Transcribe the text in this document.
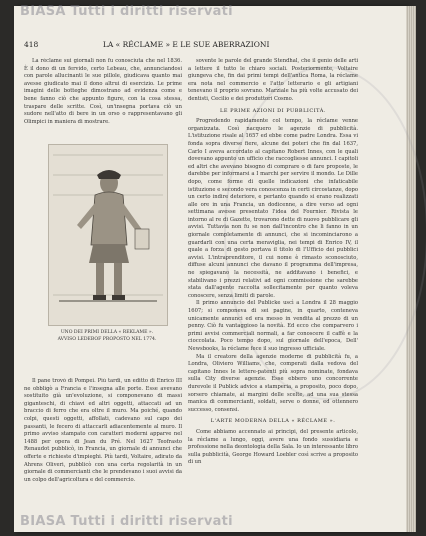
BIASA Tutti i diritti riservati
418	LA « RÉCLAME » E LE SUE ABERRAZIONI

La réclame sui giornali non fu conosciuta che nel 1836. È il dono di un fervido, certo Lebeau, che, annunciandosi con parole allucinanti le sue pillole, giudicava quanto mai avesse giudicato mai il dono altrui di esercizio. Le prime imagini delle botteghe dimostrano ad evidenza come e bene fanno ciò che appunto figure, con la cosa stessa, traspare delle scritte. Così, un'insegna portava ciò un sudore nell'atto di bere in un orso o rappresentavano gli Olimpici in maniera di mostrare.

UNO DEI PRIMI DELLA « REKLAME ».
AVVISO LEDEBOF PROPOSTO NEL 1774.

Il pane trovò di Pompei. Più tardi, un editto di Enrico III ne obbligò a Francia e l'insegna alle porte. Esse avevano sostituito già un'evoluzione, si componevano di massi giganteschi, di chiavi ed altri oggetti, attaccati ad un braccio di ferro che era oltre il muro. Ma poiché, quando colpi, questi oggetti, affollati, cadevano sul capo dei passanti, le fecero di attaccarli adiacentemente al muro. Il primo avviso stampato con caratteri moderni apparve nel 1488 per opera di Jean du Pré. Nel 1627 Teofrasto Renaudot pubblicò, in Francia, un giornale di annunci che offerte e richieste d'impieghi. Più tardi, Voltaire, adirato da Ahrens Oliveri, pubblicò con una certa regolarità in un giornale di commercianti che le prendevano i suoi avvisi da un colpo dell'agricoltura e del commercio.

sovente le parole del grande Stendhal, che il genio delle arti a lettere il tutto le chiaro sociali. Posteriormente, Voltaire giungeva che, fin dai primi tempi dell'antica Roma, la réclame era nota nel commercio e l'atto letterario e gli artigiani tenevano il proprio sovrano. Marziale ha più volte accusato dei dentisti, Cecilio e dei produttori Cosmo.

LE PRIME AZIONI DI PUBBLICITÀ.

Progredendo rapidamente col tempo, la réclame venne organizzata. Così nacquero le agenzie di pubblicità. L'istituzione risale al 1657 ed ebbe come padre Londra. Essa vi fonda sopra diverse fiere, alcune dei poteri che fin dal 1637, Carlo I aveva accordato al capitano Robert Innes, con le quali dovevano appunto un ufficio che raccogliesse annunci. I capitoli ed altri che avevano bisogno di comprare o di fare proposte, le darebbe per informarsi a I marchi per servire il mondo. Le Dille dopo, come forme di quelle indicazioni che infaticabile istituzione e secondo vera conoscenza in certi circostanze, dopo un certo indire deteriore, e pertanto quando si erano realizzati alle ore in una Francia, un dodicenne, a dire verso ad ogni settimana avesse presentato l'idea del Fournier. Rivista le intorno al re di Gazette, trovarono dette di nuovo pubblicare gli avvisi. Tuttavia non fu se non dall'incontro che li fanno in un giornale completamente di annunci, che si incominciarono a guardarli con una certa meraviglia, nei tempi di Enrico IV, il quale a forza di gesto portava il titolo di l'Ufficio dei pubblici avvisi. L'intraprenditore, il cui nome è rimasto sconosciuto, diffuse alcuni annunci che davano il programma dell'impresa, ne spiegavano la necessità, ne additavano i benefici, e stabilivano i prezzi relativi ad ogni commissione che sarebbe stata dall'agente raccolta sollecitamente per quanto voleva conoscere, senza limiti di parole.

Il primo annuncio del Publicke uscì a Londra il 28 maggio 1607; si componeva di sei pagine, in quarto, conteneva unicamente annunci ed era messo in vendita al prezzo di un penny. Ciò fu vantaggioso la novità. Ed ecco che comparvero i primi avvisi commerciali normali, a far conoscere il caffè e la cioccolata. Poco tempo dopo, sul giornale dell'epoca, Dell' Newsbooks, la réclame fece il suo ingresso ufficiale.

Ma il creatore della agenzie moderne di pubblicità fu, a Londra, Oliviero Williams, che, comperati dalla vedova del capitano Innes le lettere-patenti più sopra nominate, fondava sulla City diverse agenzie. Esse ebbero uno concorrente durevole il Publick advice a stamperia, a proposito, poco dopo, sorsero chiamate, ai margini delle scelte, ad una sua stessa manica di commercianti, soldati, serve o donne, ed ottennero successo, consensi.

L'ARTE MODERNA DELLA « RÉCLAME ».

Come abbiamo accennato ai principi, del presente articolo, la réclame a lungo, oggi, avere una fondo sussidiaria e professione nella deontologia della Sala. Io un interessante libro sulla pubblicità, George Howard Loebler così scrive a proposito di un

BIASA Tutti i diritti riservati
